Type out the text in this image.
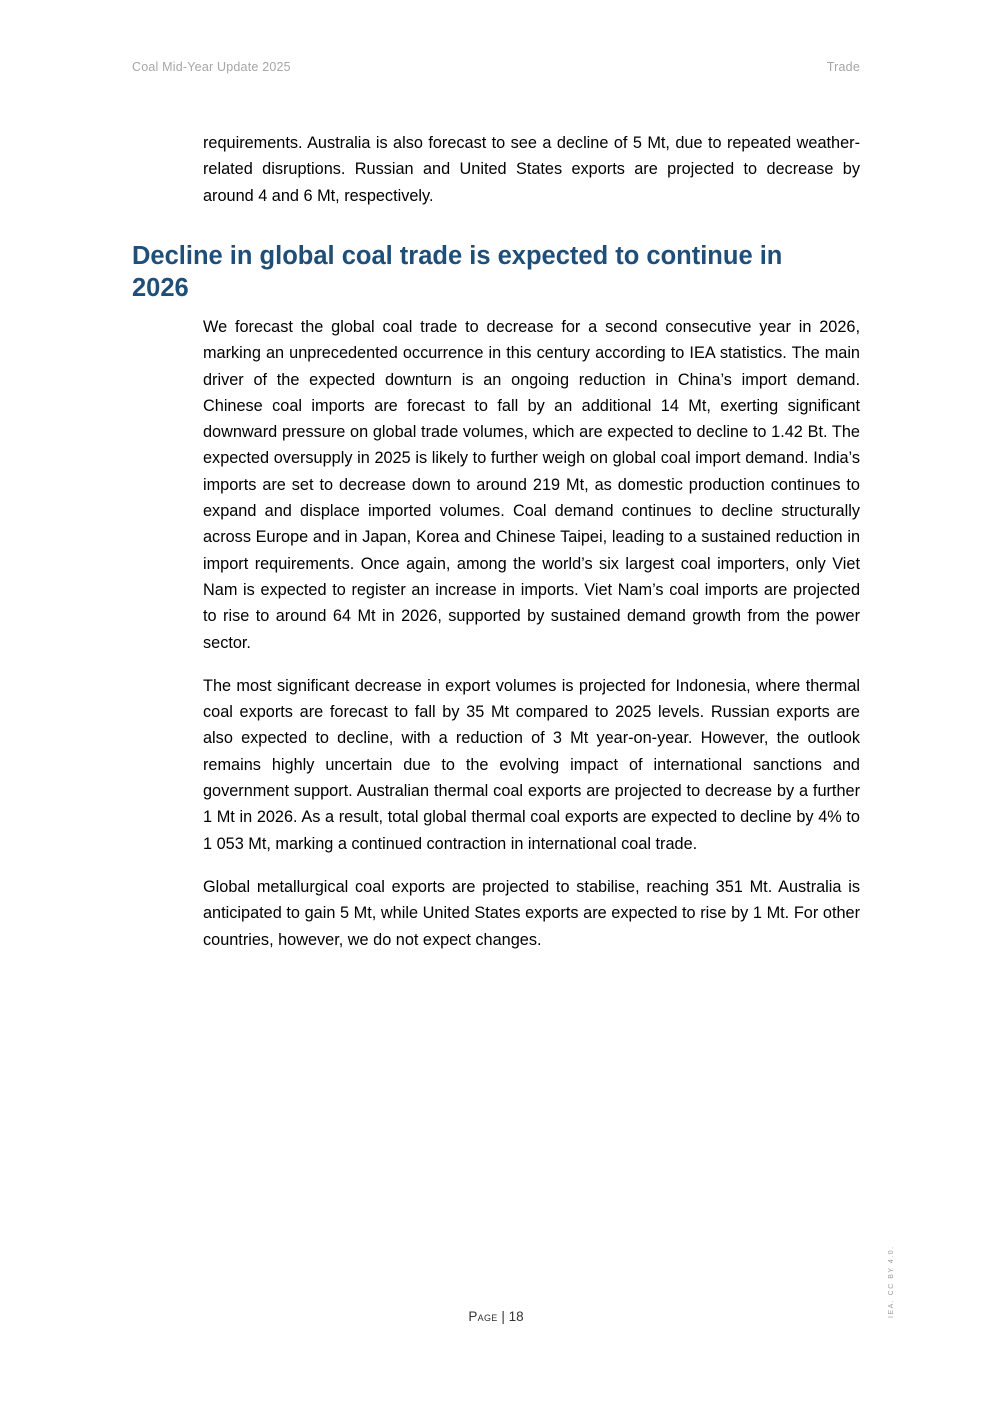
Coal Mid-Year Update 2025	Trade

requirements. Australia is also forecast to see a decline of 5 Mt, due to repeated weather-related disruptions. Russian and United States exports are projected to decrease by around 4 and 6 Mt, respectively.

Decline in global coal trade is expected to continue in 2026

We forecast the global coal trade to decrease for a second consecutive year in 2026, marking an unprecedented occurrence in this century according to IEA statistics. The main driver of the expected downturn is an ongoing reduction in China’s import demand. Chinese coal imports are forecast to fall by an additional 14 Mt, exerting significant downward pressure on global trade volumes, which are expected to decline to 1.42 Bt. The expected oversupply in 2025 is likely to further weigh on global coal import demand. India’s imports are set to decrease down to around 219 Mt, as domestic production continues to expand and displace imported volumes. Coal demand continues to decline structurally across Europe and in Japan, Korea and Chinese Taipei, leading to a sustained reduction in import requirements. Once again, among the world’s six largest coal importers, only Viet Nam is expected to register an increase in imports. Viet Nam’s coal imports are projected to rise to around 64 Mt in 2026, supported by sustained demand growth from the power sector.

The most significant decrease in export volumes is projected for Indonesia, where thermal coal exports are forecast to fall by 35 Mt compared to 2025 levels. Russian exports are also expected to decline, with a reduction of 3 Mt year-on-year. However, the outlook remains highly uncertain due to the evolving impact of international sanctions and government support. Australian thermal coal exports are projected to decrease by a further 1 Mt in 2026. As a result, total global thermal coal exports are expected to decline by 4% to 1 053 Mt, marking a continued contraction in international coal trade.

Global metallurgical coal exports are projected to stabilise, reaching 351 Mt. Australia is anticipated to gain 5 Mt, while United States exports are expected to rise by 1 Mt. For other countries, however, we do not expect changes.

Page | 18	IEA. CC BY 4.0.
